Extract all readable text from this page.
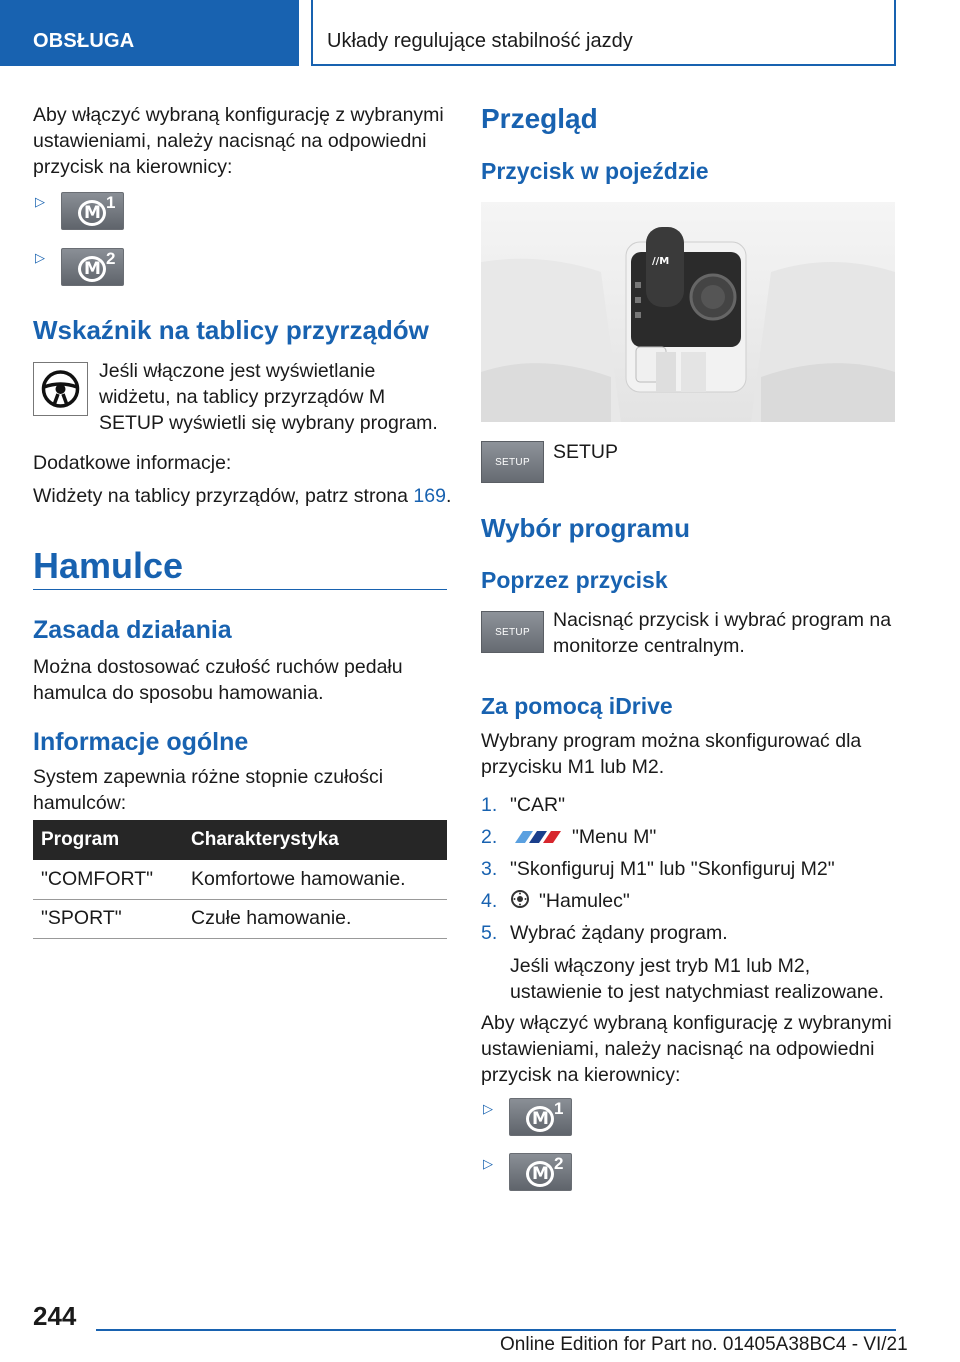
OBSŁUGA	Układy regulujące stabilność jazdy

Aby włączyć wybraną konfigurację z wybranymi ustawieniami, należy nacisnąć na odpowiedni przycisk na kierownicy:

▷
M
1
▷
M
2
Wskaźnik na tablicy przyrządów

Jeśli włączone jest wyświetlanie widżetu, na tablicy przyrządów M SETUP wyświetli się wybrany program.

Dodatkowe informacje:

Widżety na tablicy przyrządów, patrz strona 169.

Hamulce
Zasada działania

Można dostosować czułość ruchów pedału hamulca do sposobu hamowania.

Informacje ogólne

System zapewnia różne stopnie czułości hamulców:

Program	Charakterystyka
"COMFORT"	Komfortowe hamowanie.
"SPORT"	Czułe hamowanie.
Przegląd
Przycisk w pojeździe
//M
SETUP	SETUP

Wybór programu
Poprzez przycisk
SETUP

Nacisnąć przycisk i wybrać program na monitorze centralnym.

Za pomocą iDrive

Wybrany program można skonfigurować dla przycisku M1 lub M2.

1. "CAR"
2.	"Menu M"
3. "Skonfiguruj M1" lub "Skonfiguruj M2"
4. "Hamulec"
5. Wybrać żądany program.

Jeśli włączony jest tryb M1 lub M2, ustawienie to jest natychmiast realizowane.

Aby włączyć wybraną konfigurację z wybranymi ustawieniami, należy nacisnąć na odpowiedni przycisk na kierownicy:

▷
M
1
▷
M
2
244
Online Edition for Part no. 01405A38BC4 - VI/21
